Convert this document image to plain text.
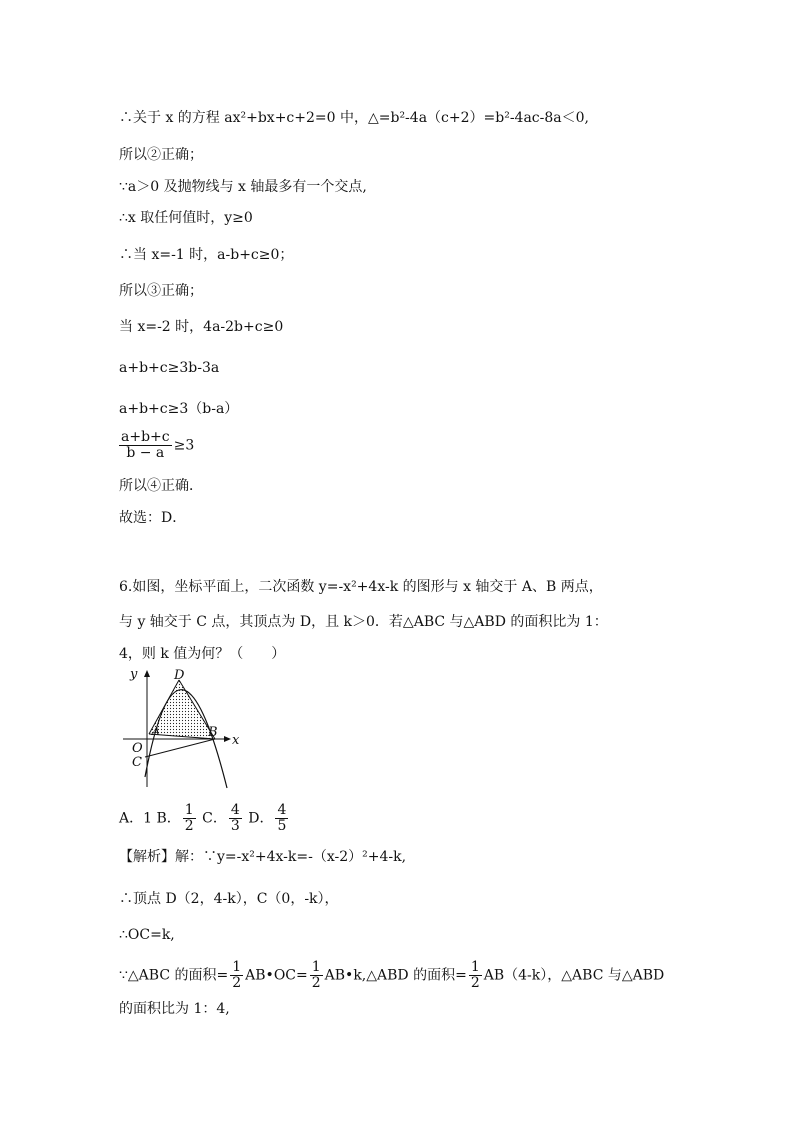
∴关于 x 的方程 ax²+bx+c+2=0 中，△=b²-4a（c+2）=b²-4ac-8a＜0,
所以②正确；
∵a＞0 及抛物线与 x 轴最多有一个交点,
∴x 取任何值时，y≥0
∴当 x=-1 时，a-b+c≥0；
所以③正确；
当 x=-2 时，4a-2b+c≥0
a+b+c≥3b-3a
a+b+c≥3（b-a）
$\frac{a+b+c}{b - a} \ge 3$
所以④正确．
故选：D．
6.如图，坐标平面上，二次函数 y=-x²+4x-k 的图形与 x 轴交于 A、B 两点，
与 y 轴交于 C 点，其顶点为 D，且 k＞0．若△ABC 与△ABD 的面积比为 1：
4，则 k 值为何？（　　）
y
x
D
A	B
O
C
A．1 B． $\frac{1}{2}$ C． $\frac{4}{3}$ D． $\frac{4}{5}$
【解析】解：∵y=-x²+4x-k=-（x-2）²+4-k,
∴顶点 D（2，4-k），C（0，-k），
∴OC=k,
∵△ABC 的面积= $\frac{1}{2}$ AB•OC= $\frac{1}{2}$ AB•k,△ABD 的面积= $\frac{1}{2} AB(4-k)$，△ABC 与△ABD
的面积比为 1：4,
